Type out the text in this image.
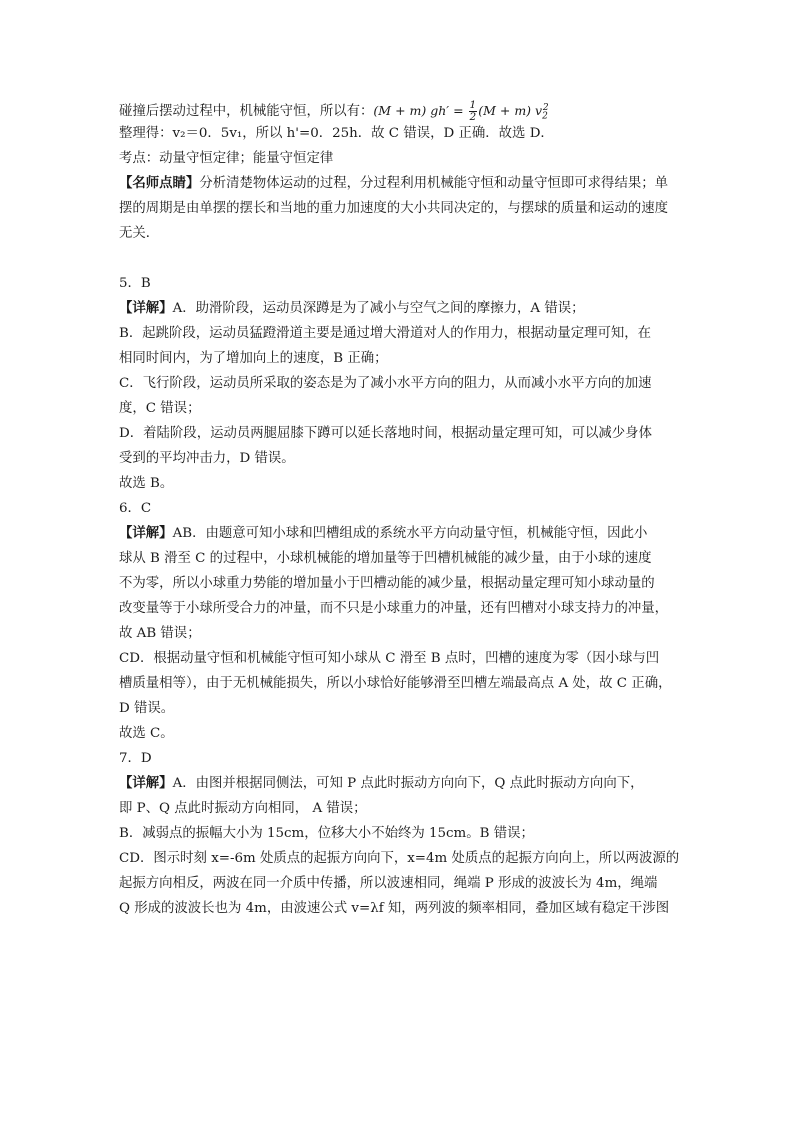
碰撞后摆动过程中，机械能守恒，所以有：(M + m) $gh' = \frac{1}{2} (M + m)$ $v_2^2$
整理得：v₂＝0．5v₁，所以 h'=0．25h．故 C 错误，D 正确．故选 D．
考点：动量守恒定律；能量守恒定律
【名师点睛】分析清楚物体运动的过程，分过程利用机械能守恒和动量守恒即可求得结果；单摆的周期是由单摆的摆长和当地的重力加速度的大小共同决定的，与摆球的质量和运动的速度无关．
5．B
【详解】A．助滑阶段，运动员深蹲是为了减小与空气之间的摩擦力，A 错误；
B．起跳阶段，运动员猛蹬滑道主要是通过增大滑道对人的作用力，根据动量定理可知，在
相同时间内，为了增加向上的速度，B 正确；
C．飞行阶段，运动员所采取的姿态是为了减小水平方向的阻力，从而减小水平方向的加速
度，C 错误；
D．着陆阶段，运动员两腿屈膝下蹲可以延长落地时间，根据动量定理可知，可以减少身体
受到的平均冲击力，D 错误。
故选 B。
6．C
【详解】AB．由题意可知小球和凹槽组成的系统水平方向动量守恒，机械能守恒，因此小
球从 B 滑至 C 的过程中，小球机械能的增加量等于凹槽机械能的减少量，由于小球的速度
不为零，所以小球重力势能的增加量小于凹槽动能的减少量，根据动量定理可知小球动量的
改变量等于小球所受合力的冲量，而不只是小球重力的冲量，还有凹槽对小球支持力的冲量，
故 AB 错误；
CD．根据动量守恒和机械能守恒可知小球从 C 滑至 B 点时，凹槽的速度为零（因小球与凹
槽质量相等），由于无机械能损失，所以小球恰好能够滑至凹槽左端最高点 A 处，故 C 正确，
D 错误。
故选 C。
7．D
【详解】A．由图并根据同侧法，可知 P 点此时振动方向向下，Q 点此时振动方向向下，
即 P、Q 点此时振动方向相同， A 错误；
B．减弱点的振幅大小为 15cm，位移大小不始终为 15cm。B 错误；
CD．图示时刻 x=-6m 处质点的起振方向向下，x=4m 处质点的起振方向向上，所以两波源的
起振方向相反，两波在同一介质中传播，所以波速相同，绳端 P 形成的波波长为 4m，绳端
Q 形成的波波长也为 4m，由波速公式 v=λf 知，两列波的频率相同，叠加区域有稳定干涉图
